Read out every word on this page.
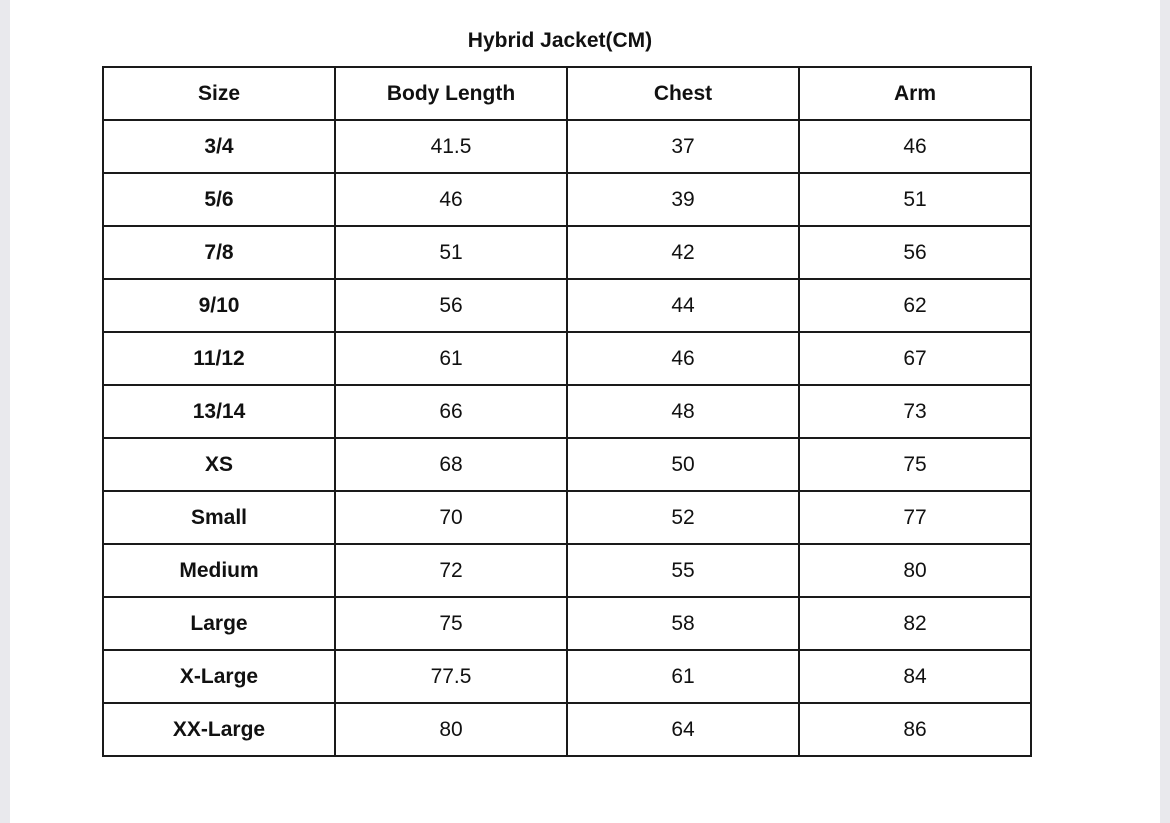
Hybrid Jacket(CM)
Size	Body Length	Chest	Arm
3/4	41.5	37	46
5/6	46	39	51
7/8	51	42	56
9/10	56	44	62
11/12	61	46	67
13/14	66	48	73
XS	68	50	75
Small	70	52	77
Medium	72	55	80
Large	75	58	82
X-Large	77.5	61	84
XX-Large	80	64	86
